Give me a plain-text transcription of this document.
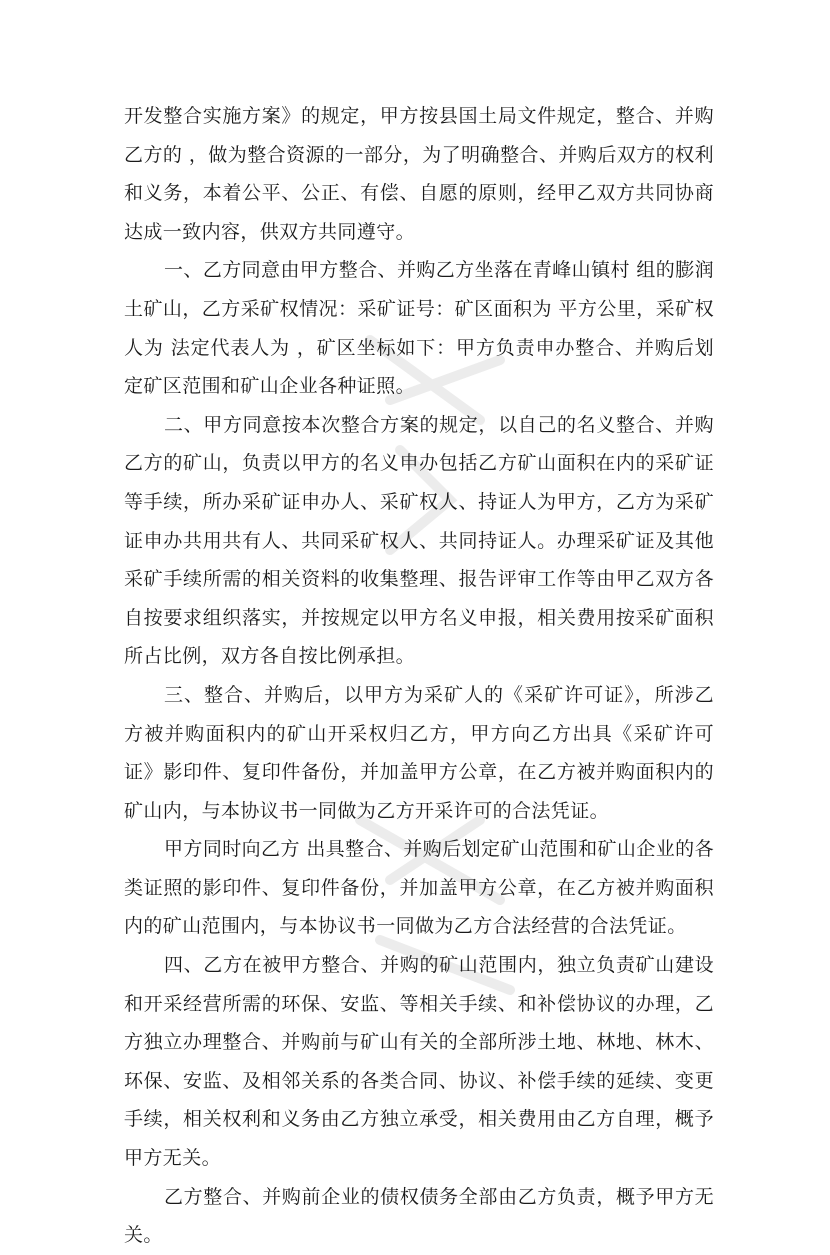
开发整合实施方案》的规定，甲方按县国土局文件规定，整合、并购乙方的 ，做为整合资源的一部分，为了明确整合、并购后双方的权利和义务，本着公平、公正、有偿、自愿的原则，经甲乙双方共同协商达成一致内容，供双方共同遵守。

一、乙方同意由甲方整合、并购乙方坐落在青峰山镇村 组的膨润土矿山，乙方采矿权情况：采矿证号：矿区面积为 平方公里，采矿权人为 法定代表人为 ，矿区坐标如下：甲方负责申办整合、并购后划定矿区范围和矿山企业各种证照。

二、甲方同意按本次整合方案的规定，以自己的名义整合、并购乙方的矿山，负责以甲方的名义申办包括乙方矿山面积在内的采矿证等手续，所办采矿证申办人、采矿权人、持证人为甲方，乙方为采矿证申办共用共有人、共同采矿权人、共同持证人。办理采矿证及其他采矿手续所需的相关资料的收集整理、报告评审工作等由甲乙双方各自按要求组织落实，并按规定以甲方名义申报，相关费用按采矿面积所占比例，双方各自按比例承担。

三、整合、并购后，以甲方为采矿人的《采矿许可证》，所涉乙方被并购面积内的矿山开采权归乙方，甲方向乙方出具《采矿许可证》影印件、复印件备份，并加盖甲方公章，在乙方被并购面积内的矿山内，与本协议书一同做为乙方开采许可的合法凭证。

甲方同时向乙方 出具整合、并购后划定矿山范围和矿山企业的各类证照的影印件、复印件备份，并加盖甲方公章，在乙方被并购面积内的矿山范围内，与本协议书一同做为乙方合法经营的合法凭证。

四、乙方在被甲方整合、并购的矿山范围内，独立负责矿山建设和开采经营所需的环保、安监、等相关手续、和补偿协议的办理，乙方独立办理整合、并购前与矿山有关的全部所涉土地、林地、林木、环保、安监、及相邻关系的各类合同、协议、补偿手续的延续、变更手续，相关权利和义务由乙方独立承受，相关费用由乙方自理，概予甲方无关。

乙方整合、并购前企业的债权债务全部由乙方负责，概予甲方无关。
